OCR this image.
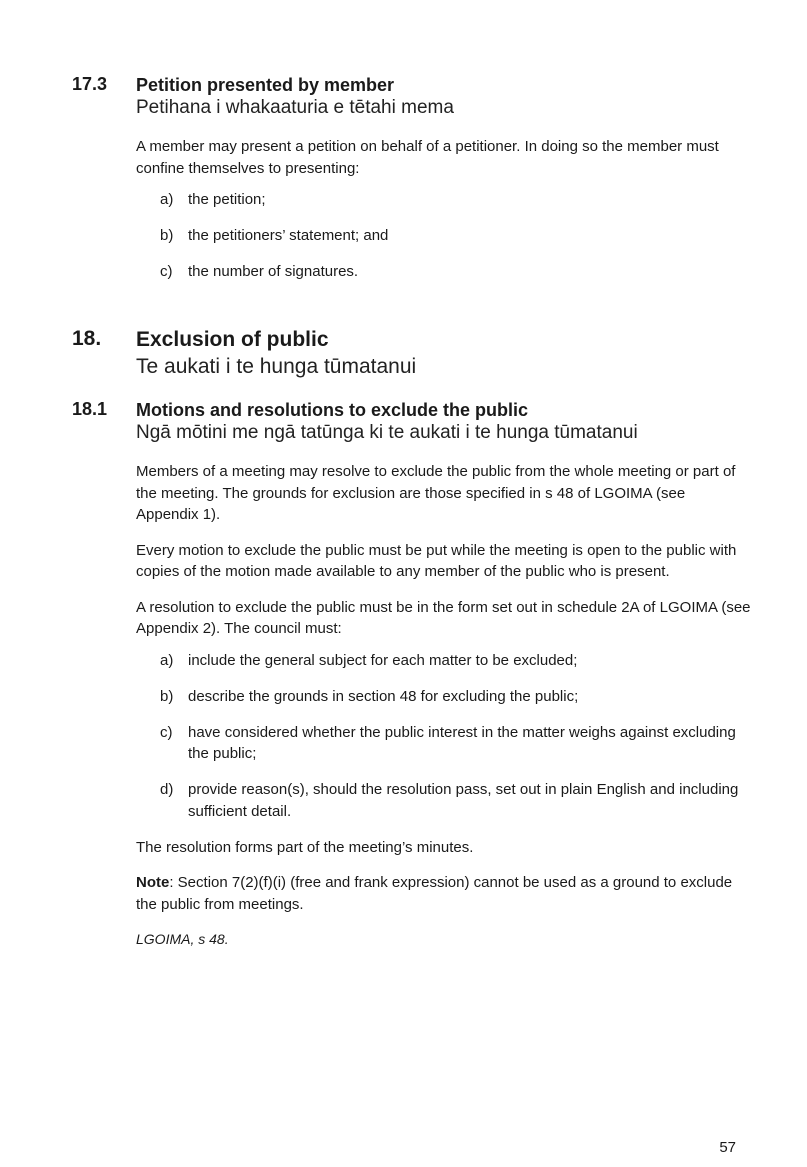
17.3 Petition presented by member
Petihana i whakaaturia e tētahi mema

A member may present a petition on behalf of a petitioner. In doing so the member must confine themselves to presenting:

a) the petition;
b) the petitioners’ statement; and
c) the number of signatures.
18. Exclusion of public
Te aukati i te hunga tūmatanui
18.1 Motions and resolutions to exclude the public
Ngā mōtini me ngā tatūnga ki te aukati i te hunga tūmatanui

Members of a meeting may resolve to exclude the public from the whole meeting or part of the meeting. The grounds for exclusion are those specified in s 48 of LGOIMA (see Appendix 1).

Every motion to exclude the public must be put while the meeting is open to the public with copies of the motion made available to any member of the public who is present.

A resolution to exclude the public must be in the form set out in schedule 2A of LGOIMA (see Appendix 2). The council must:

a) include the general subject for each matter to be excluded;
b) describe the grounds in section 48 for excluding the public;
c) have considered whether the public interest in the matter weighs against excluding the public;
d) provide reason(s), should the resolution pass, set out in plain English and including sufficient detail.

The resolution forms part of the meeting’s minutes.

Note: Section 7(2)(f)(i) (free and frank expression) cannot be used as a ground to exclude the public from meetings.

LGOIMA, s 48.

57
